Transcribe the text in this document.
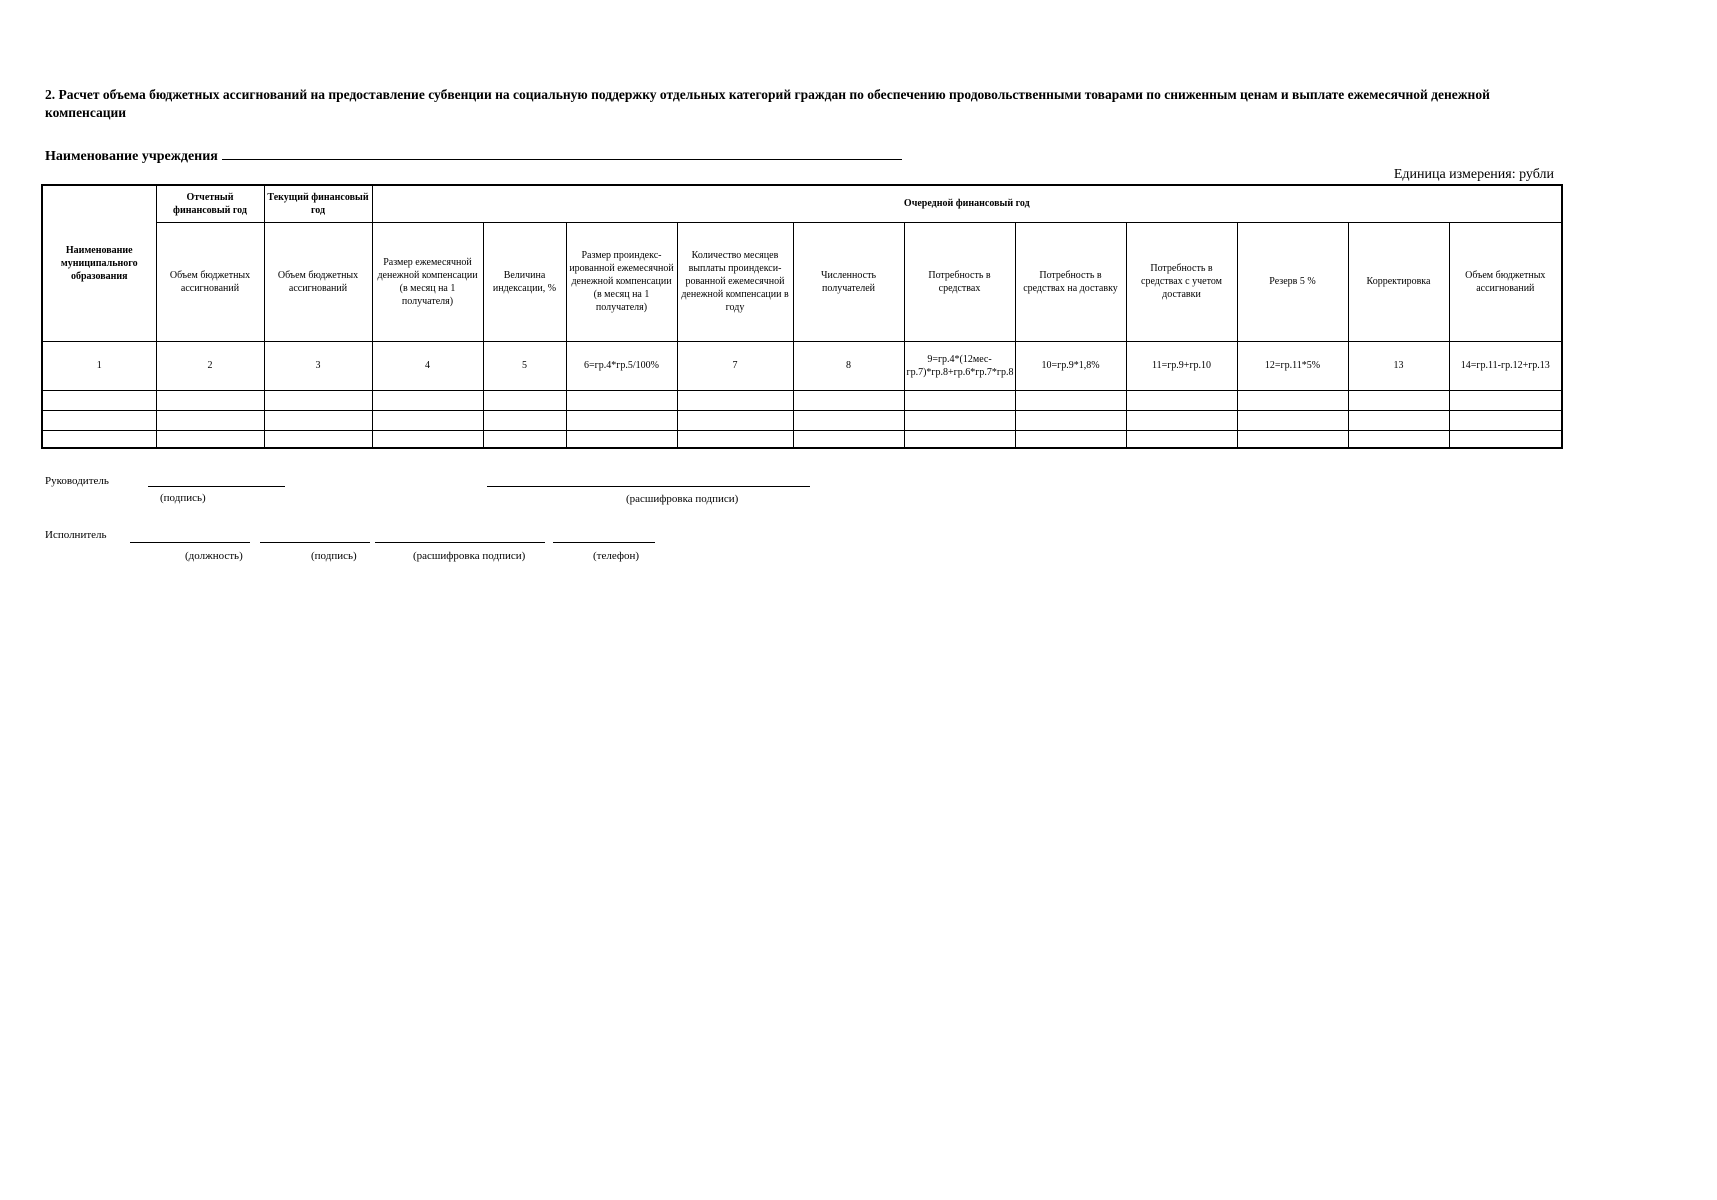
2. Расчет объема бюджетных ассигнований на предоставление субвенции на социальную поддержку отдельных категорий граждан по обеспечению продовольственными товарами по сниженным ценам и выплате ежемесячной денежной компенсации
Наименование учреждения
Единица измерения: рубли
Наименование муниципального образования	Отчетный финансовый год	Текущий финансовый год	Очередной финансовый год										
	Объем бюджетных ассигнований	Объем бюджетных ассигнований	Размер ежемесячной денежной компенсации (в месяц на 1 получателя)	Величина индексации, %	Размер проиндекс-ированной ежемесячной денежной компенсации (в месяц на 1 получателя)	Количество месяцев выплаты проиндекси-рованной ежемесячной денежной компенсации в году	Численность получателей	Потребность в средствах	Потребность в средствах на доставку	Потребность в средствах с учетом доставки	Резерв 5 %	Корректировка	Объем бюджетных ассигнований
1	2	3	4	5	6=гр.4*гр.5/100%	7	8	9=гр.4*(12мес-гр.7)*гр.8+гр.6*гр.7*гр.8	10=гр.9*1,8%	11=гр.9+гр.10	12=гр.11*5%	13	14=гр.11-гр.12+гр.13

Руководитель
(подпись)	(расшифровка подписи)
Исполнитель
(должность)	(подпись)	(расшифровка подписи)	(телефон)
